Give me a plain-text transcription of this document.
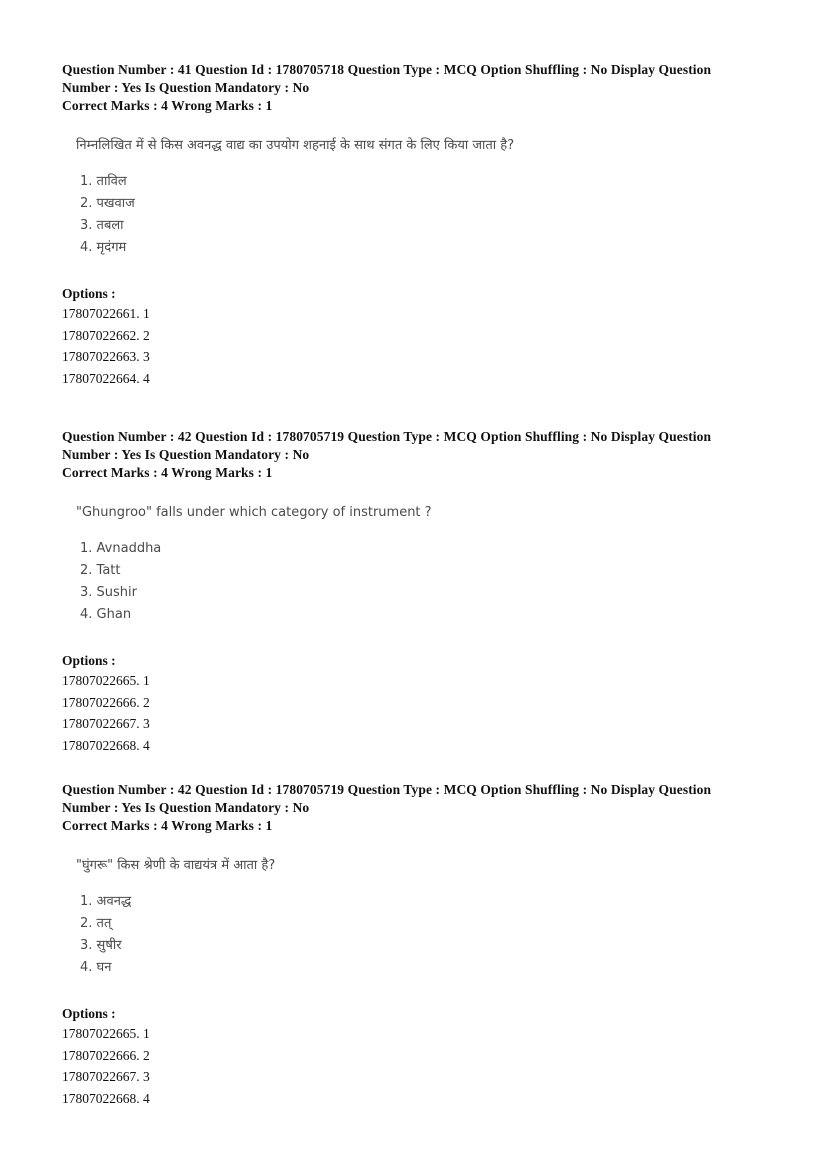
Question Number : 41 Question Id : 1780705718 Question Type : MCQ Option Shuffling : No Display Question
Number : Yes Is Question Mandatory : No
Correct Marks : 4 Wrong Marks : 1
निम्नलिखित में से किस अवनद्ध वाद्य का उपयोग शहनाई के साथ संगत के लिए किया जाता है?
1. ताविल
2. पखवाज
3. तबला
4. मृदंगम
Options :
17807022661. 1
17807022662. 2
17807022663. 3
17807022664. 4
Question Number : 42 Question Id : 1780705719 Question Type : MCQ Option Shuffling : No Display Question
Number : Yes Is Question Mandatory : No
Correct Marks : 4 Wrong Marks : 1
"Ghungroo" falls under which category of instrument ?
1. Avnaddha
2. Tatt
3. Sushir
4. Ghan
Options :
17807022665. 1
17807022666. 2
17807022667. 3
17807022668. 4
Question Number : 42 Question Id : 1780705719 Question Type : MCQ Option Shuffling : No Display Question
Number : Yes Is Question Mandatory : No
Correct Marks : 4 Wrong Marks : 1
"घुंगरू" किस श्रेणी के वाद्ययंत्र में आता है?
1. अवनद्ध
2. तत्
3. सुषीर
4. घन
Options :
17807022665. 1
17807022666. 2
17807022667. 3
17807022668. 4
